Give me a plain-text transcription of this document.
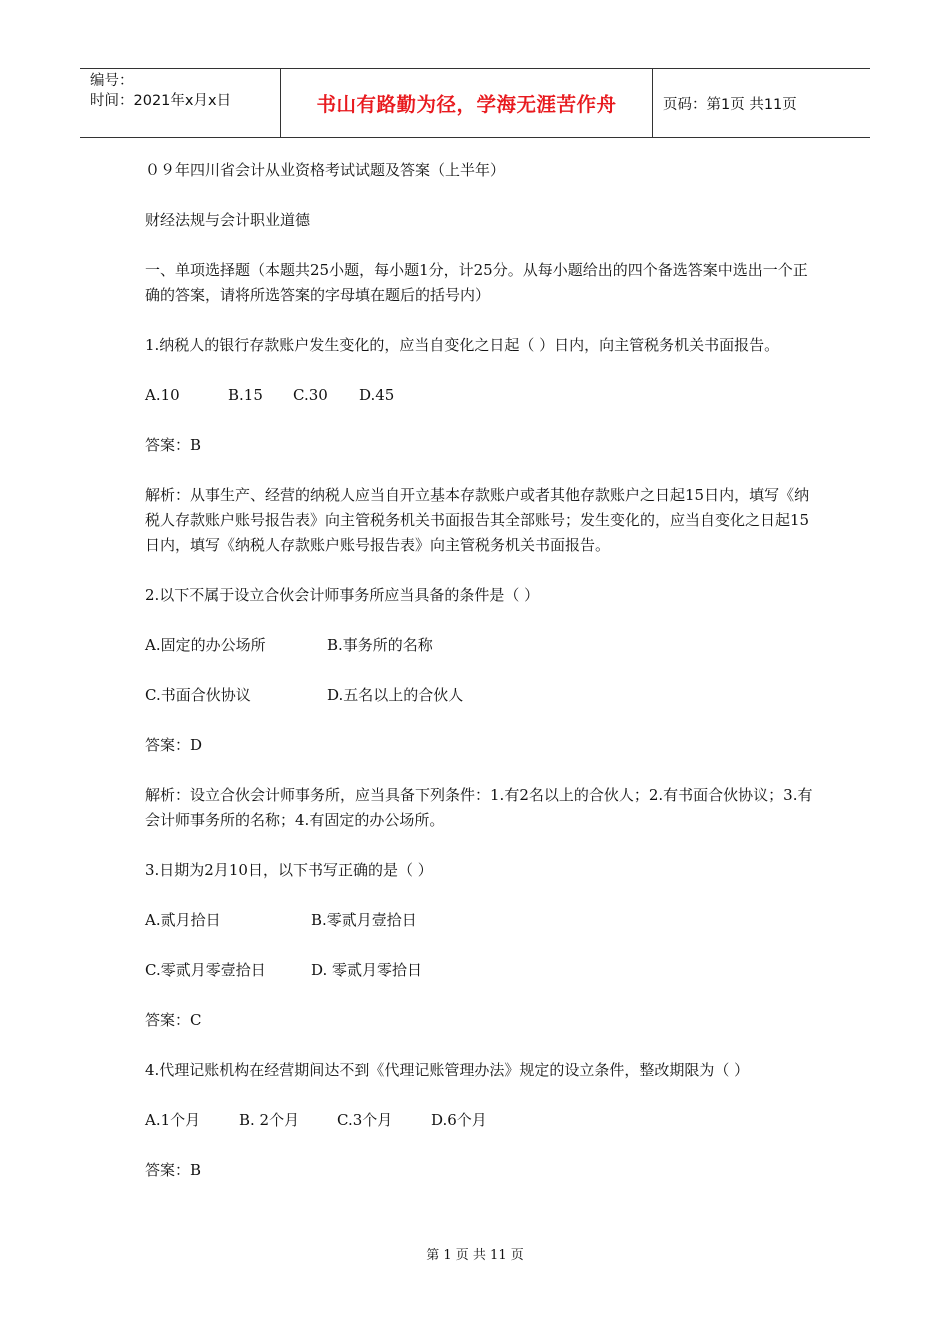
编号：
时间：2021年x月x日	书山有路勤为径，学海无涯苦作舟	页码：第1页 共11页

０９年四川省会计从业资格考试试题及答案（上半年）

财经法规与会计职业道德

一、单项选择题（本题共25小题，每小题1分，计25分。从每小题给出的四个备选答案中选出一个正确的答案，请将所选答案的字母填在题后的括号内）

1.纳税人的银行存款账户发生变化的，应当自变化之日起（ ）日内，向主管税务机关书面报告。

A.10	B.15	C.30	D.45

答案：B

解析：从事生产、经营的纳税人应当自开立基本存款账户或者其他存款账户之日起15日内，填写《纳税人存款账户账号报告表》向主管税务机关书面报告其全部账号；发生变化的，应当自变化之日起15日内，填写《纳税人存款账户账号报告表》向主管税务机关书面报告。

2.以下不属于设立合伙会计师事务所应当具备的条件是（ ）

A.固定的办公场所	B.事务所的名称
C.书面合伙协议	D.五名以上的合伙人

答案：D

解析：设立合伙会计师事务所，应当具备下列条件：1.有2名以上的合伙人；2.有书面合伙协议；3.有会计师事务所的名称；4.有固定的办公场所。

3.日期为2月10日，以下书写正确的是（ ）

A.贰月拾日	B.零贰月壹拾日
C.零贰月零壹拾日	D. 零贰月零拾日

答案：C

4.代理记账机构在经营期间达不到《代理记账管理办法》规定的设立条件，整改期限为（ ）

A.1个月	B. 2个月	C.3个月	D.6个月

答案：B

第 1 页 共 11 页
